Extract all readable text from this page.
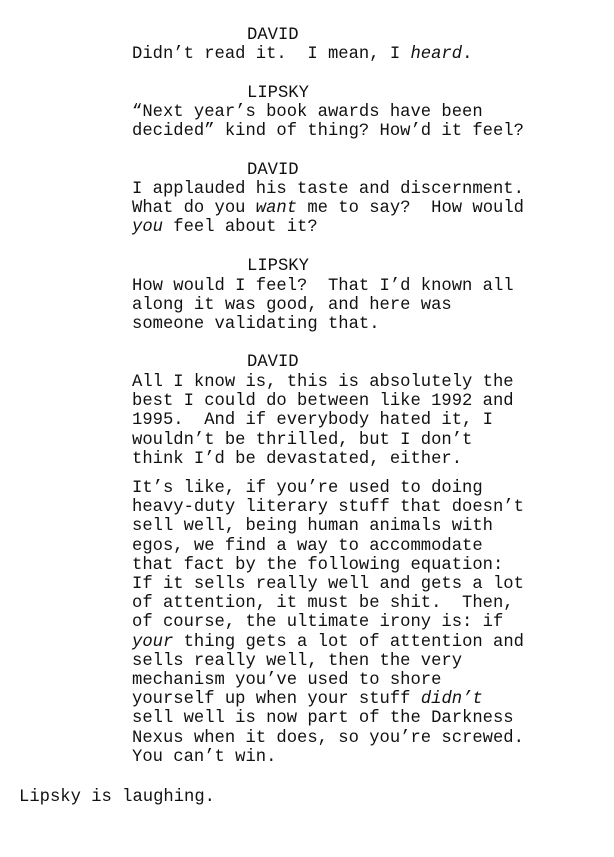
DAVID
Didn’t read it.  I mean, I heard.
LIPSKY
“Next year’s book awards have been
decided” kind of thing? How’d it feel?
DAVID
I applauded his taste and discernment.
What do you want me to say?  How would
you feel about it?
LIPSKY
How would I feel?  That I’d known all
along it was good, and here was
someone validating that.
DAVID
All I know is, this is absolutely the
best I could do between like 1992 and
1995.  And if everybody hated it, I
wouldn’t be thrilled, but I don’t
think I’d be devastated, either.
It’s like, if you’re used to doing
heavy-duty literary stuff that doesn’t
sell well, being human animals with
egos, we find a way to accommodate
that fact by the following equation:
If it sells really well and gets a lot
of attention, it must be shit.  Then,
of course, the ultimate irony is: if
your thing gets a lot of attention and
sells really well, then the very
mechanism you’ve used to shore
yourself up when your stuff didn’t
sell well is now part of the Darkness
Nexus when it does, so you’re screwed.
You can’t win.
Lipsky is laughing.
